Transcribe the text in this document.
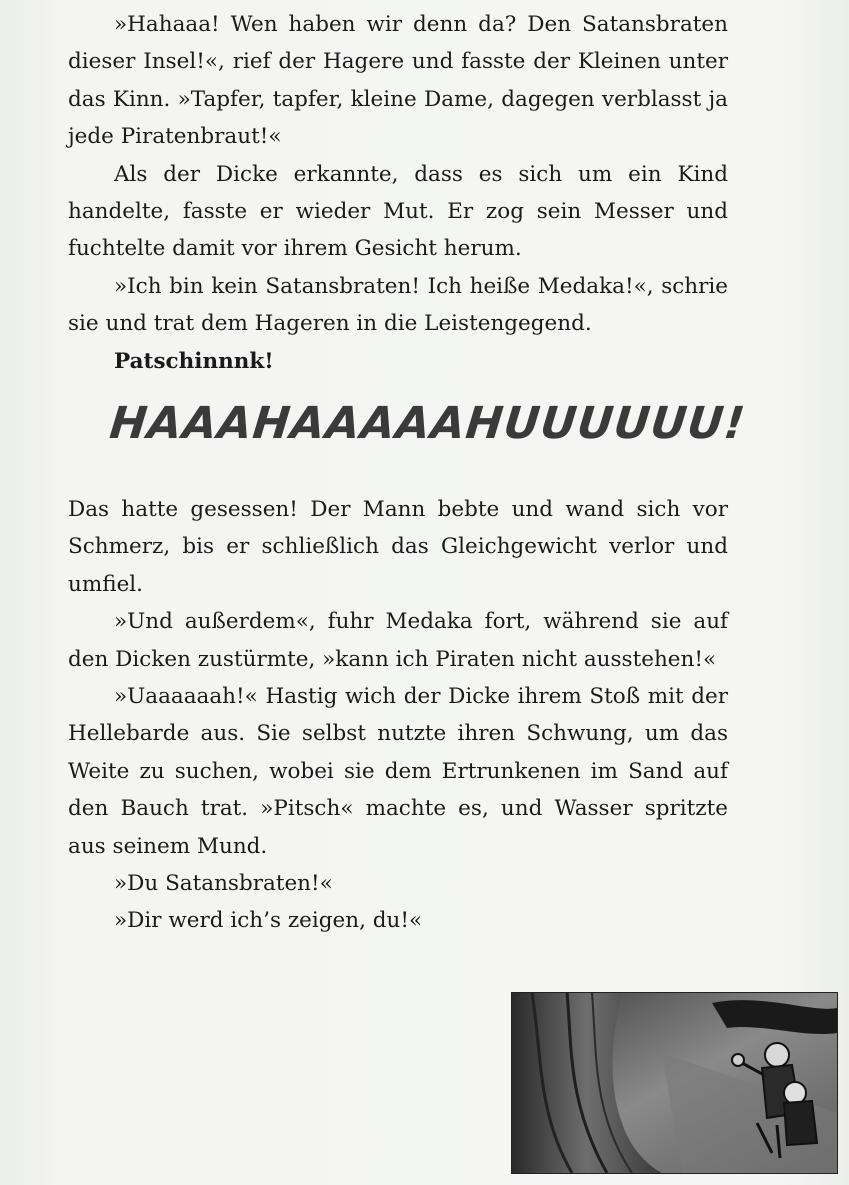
»Hahaaa! Wen haben wir denn da? Den Satansbraten dieser Insel!«, rief der Hagere und fasste der Kleinen unter das Kinn. »Tapfer, tapfer, kleine Dame, dagegen verblasst ja jede Piratenbraut!«

Als der Dicke erkannte, dass es sich um ein Kind handelte, fasste er wieder Mut. Er zog sein Messer und fuchtelte damit vor ihrem Gesicht herum.

»Ich bin kein Satansbraten! Ich heiße Medaka!«, schrie sie und trat dem Hageren in die Leistengegend.

Patschinnnk!

HAAAHAAAAAHUUUUUU!

Das hatte gesessen! Der Mann bebte und wand sich vor Schmerz, bis er schließlich das Gleichgewicht verlor und umfiel.

»Und außerdem«, fuhr Medaka fort, während sie auf den Dicken zustürmte, »kann ich Piraten nicht ausstehen!«

»Uaaaaaah!« Hastig wich der Dicke ihrem Stoß mit der Hellebarde aus. Sie selbst nutzte ihren Schwung, um das Weite zu suchen, wobei sie dem Ertrunkenen im Sand auf den Bauch trat. »Pitsch« machte es, und Wasser spritzte aus seinem Mund.

»Du Satansbraten!«

»Dir werd ich’s zeigen, du!«
